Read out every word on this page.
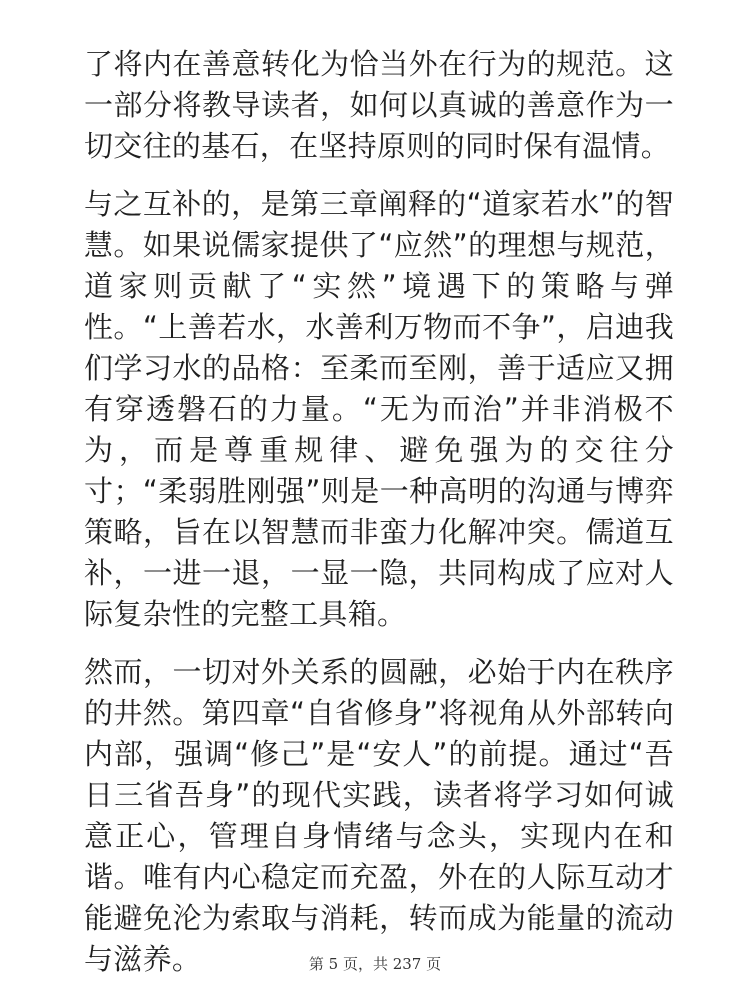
了将内在善意转化为恰当外在行为的规范。这一部分将教导读者，如何以真诚的善意作为一切交往的基石，在坚持原则的同时保有温情。

与之互补的，是第三章阐释的“道家若水”的智慧。如果说儒家提供了“应然”的理想与规范，道家则贡献了“实然”境遇下的策略与弹性。“上善若水，水善利万物而不争”，启迪我们学习水的品格：至柔而至刚，善于适应又拥有穿透磐石的力量。“无为而治”并非消极不为，而是尊重规律、避免强为的交往分寸；“柔弱胜刚强”则是一种高明的沟通与博弈策略，旨在以智慧而非蛮力化解冲突。儒道互补，一进一退，一显一隐，共同构成了应对人际复杂性的完整工具箱。

然而，一切对外关系的圆融，必始于内在秩序的井然。第四章“自省修身”将视角从外部转向内部，强调“修己”是“安人”的前提。通过“吾日三省吾身”的现代实践，读者将学习如何诚意正心，管理自身情绪与念头，实现内在和谐。唯有内心稳定而充盈，外在的人际互动才能避免沦为索取与消耗，转而成为能量的流动与滋养。	第 5 页，共 237 页
